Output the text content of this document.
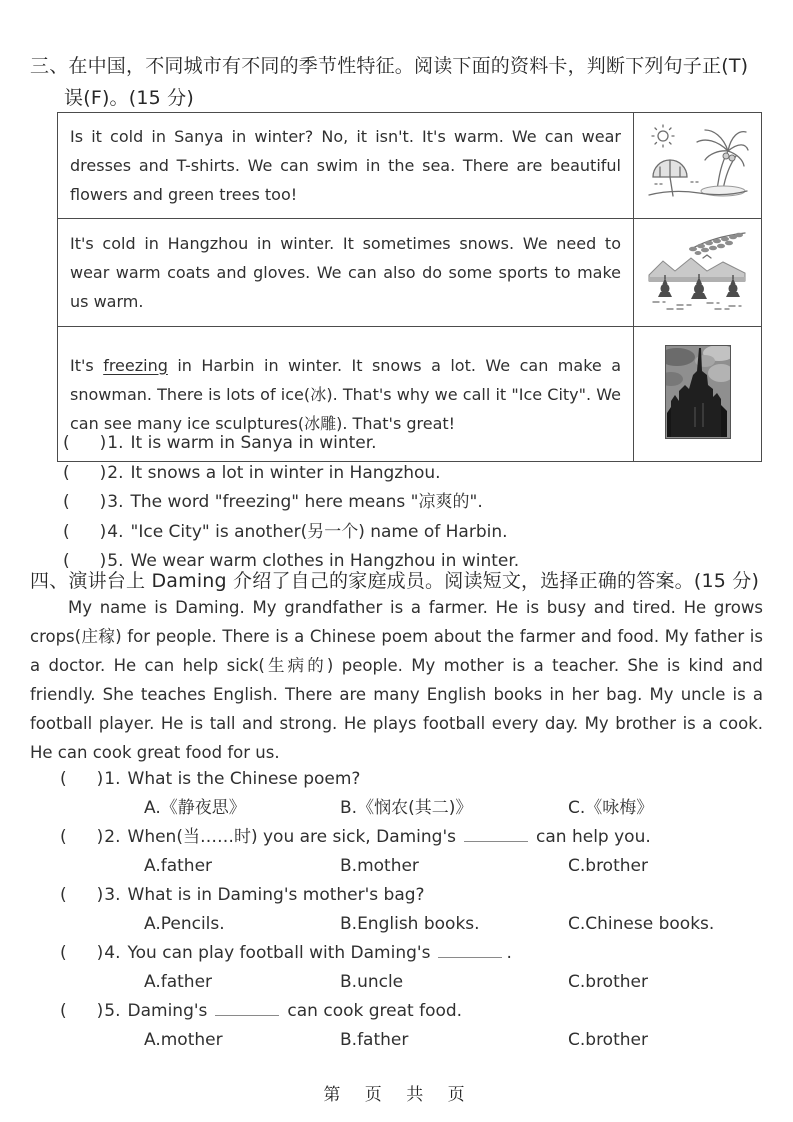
三、在中国，不同城市有不同的季节性特征。阅读下面的资料卡，判断下列句子正(T)
误(F)。(15 分)
Is it cold in Sanya in winter? No, it isn't. It's warm. We can wear dresses and T-shirts. We can swim in the sea. There are beautiful flowers and green trees too!	
It's cold in Hangzhou in winter. It sometimes snows. We need to wear warm coats and gloves. We can also do some sports to make us warm.	
It's freezing in Harbin in winter. It snows a lot. We can make a snowman. There is lots of ice(冰). That's why we call it "Ice City". We can see many ice sculptures(冰雕). That's great!	
( )1. It is warm in Sanya in winter.
( )2. It snows a lot in winter in Hangzhou.
( )3. The word "freezing" here means "凉爽的".
( )4. "Ice City" is another(另一个) name of Harbin.
( )5. We wear warm clothes in Hangzhou in winter.
四、演讲台上 Daming 介绍了自己的家庭成员。阅读短文，选择正确的答案。(15 分)

My name is Daming. My grandfather is a farmer. He is busy and tired. He grows crops(庄稼) for people. There is a Chinese poem about the farmer and food. My father is a doctor. He can help sick(生病的) people. My mother is a teacher. She is kind and friendly. She teaches English. There are many English books in her bag. My uncle is a football player. He is tall and strong. He plays football every day. My brother is a cook. He can cook great food for us.

( )1. What is the Chinese poem?
A.《静夜思》	B.《悯农(其二)》	C.《咏梅》
( )2. When(当……时) you are sick, Daming's	can help you.
A.father	B.mother	C.brother
( )3. What is in Daming's mother's bag?
A.Pencils.	B.English books.	C.Chinese books.
( )4. You can play football with Daming's	.
A.father	B.uncle	C.brother
( )5. Daming's	can cook great food.
A.mother	B.father	C.brother
第 页 共 页
